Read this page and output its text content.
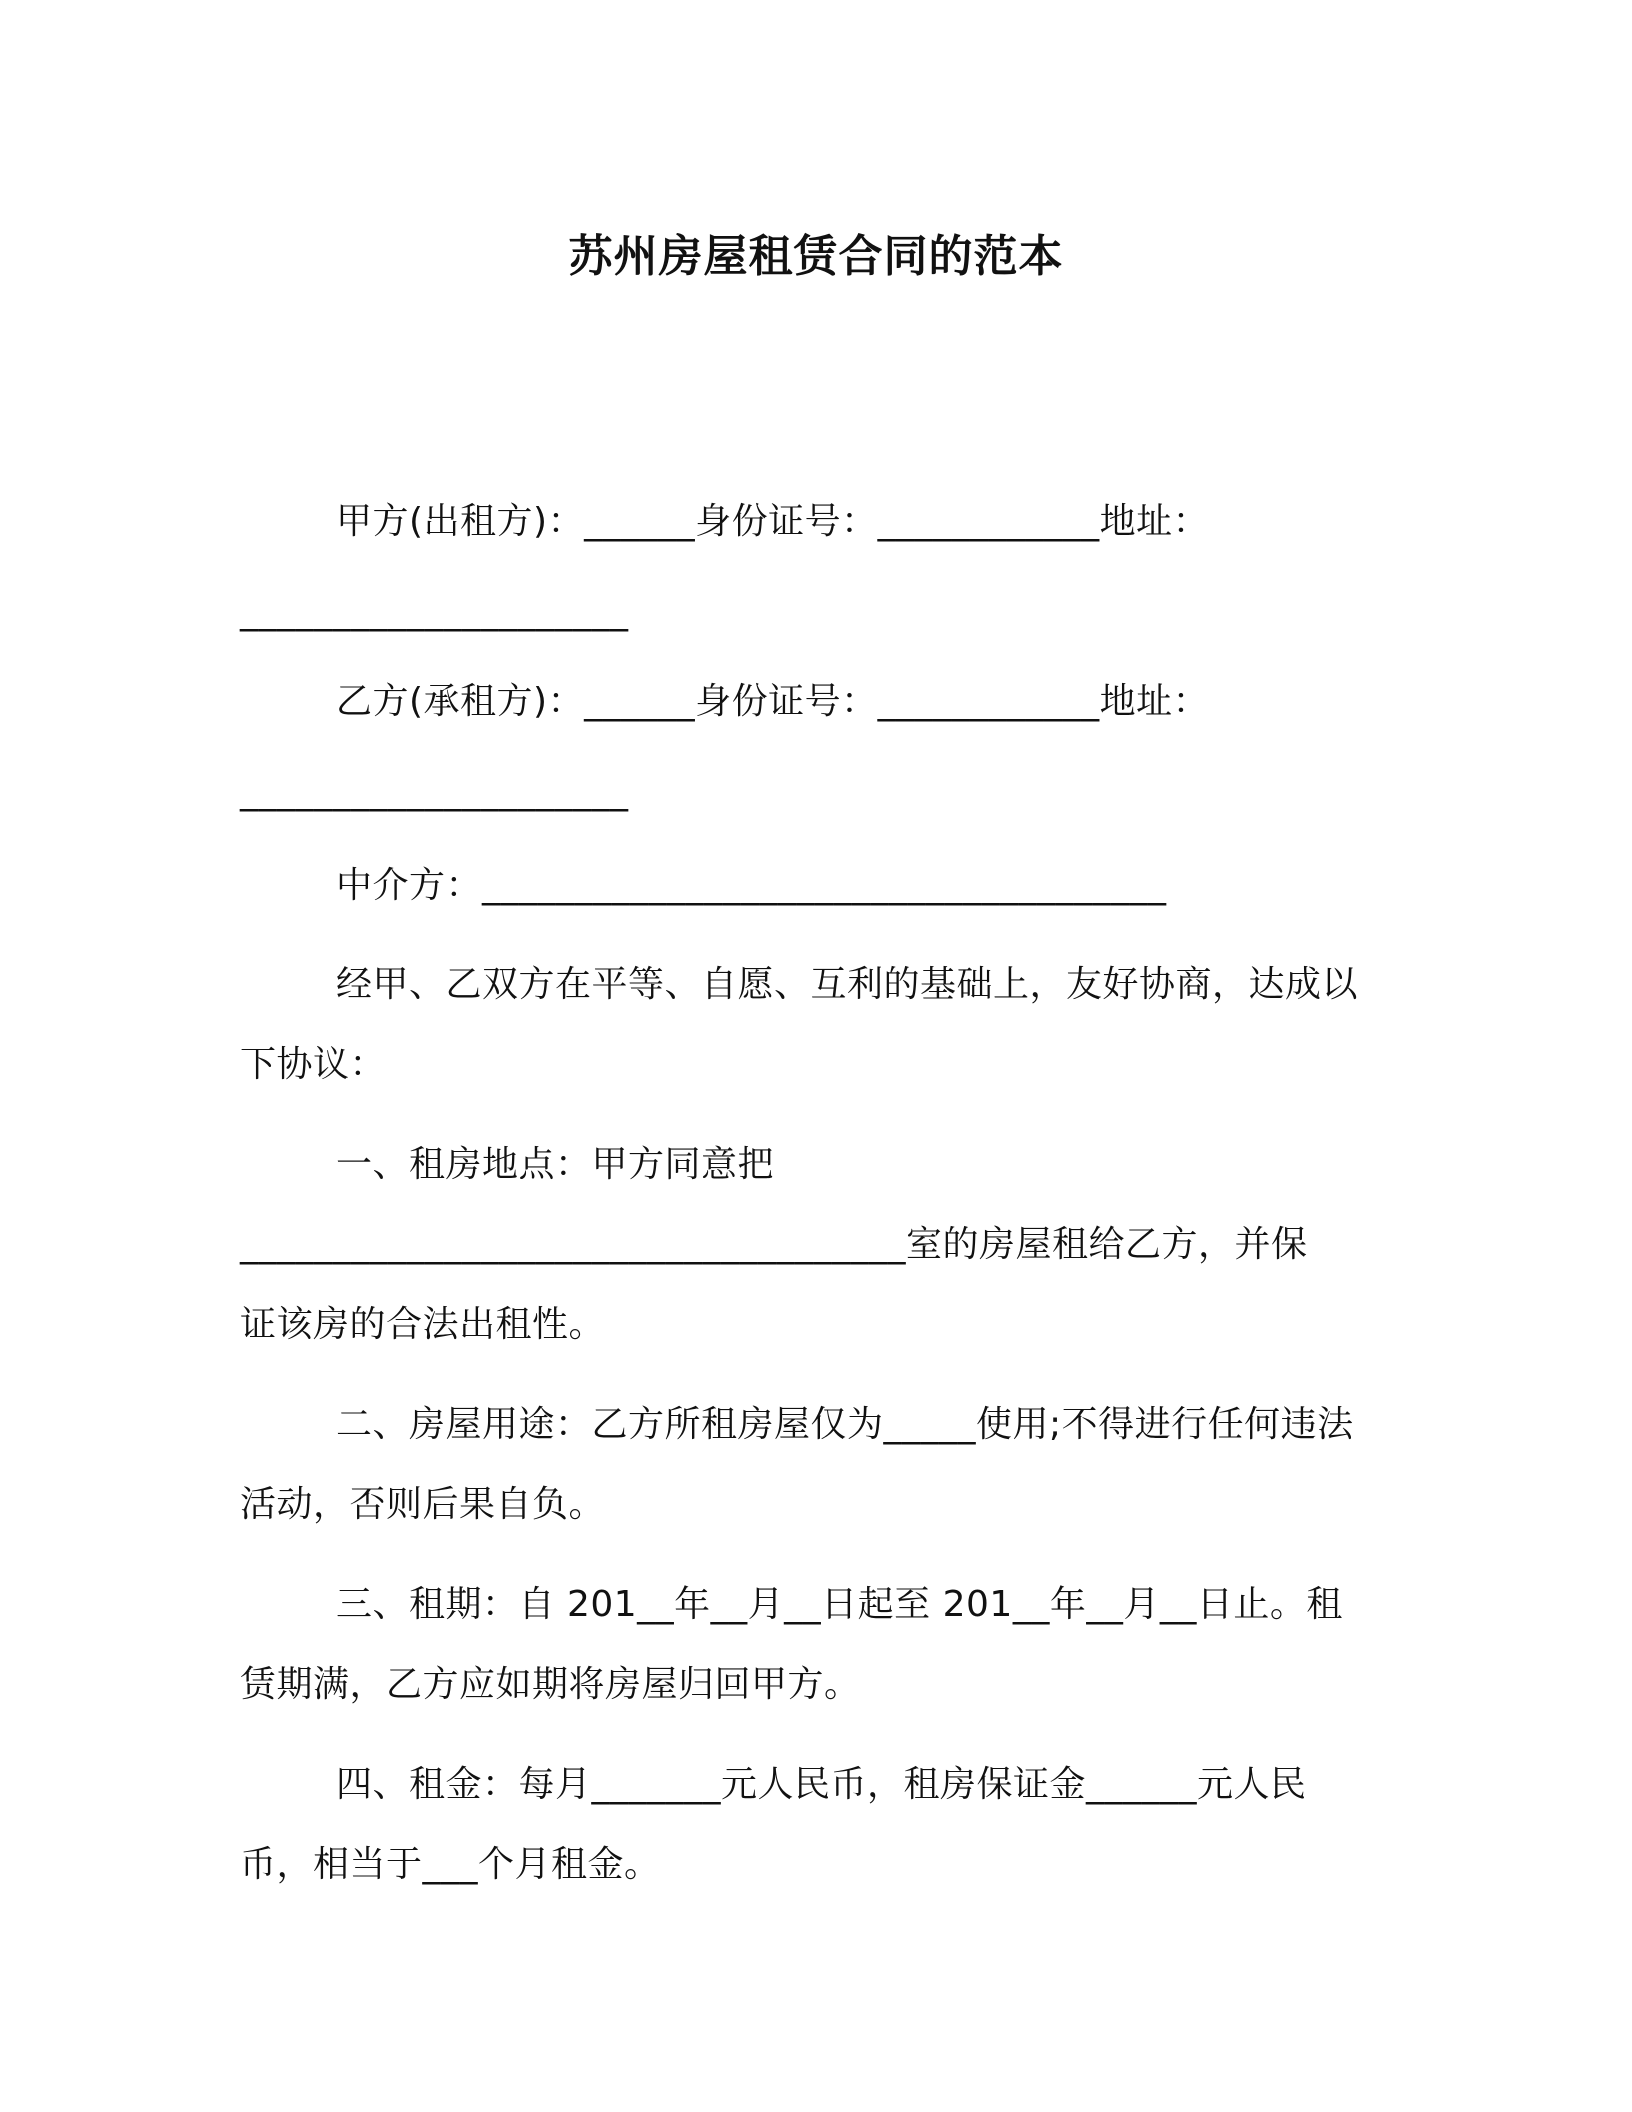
苏州房屋租赁合同的范本
甲方(出租方)：______身份证号：____________地址：
_____________________
乙方(承租方)：______身份证号：____________地址：
_____________________
中介方：_____________________________________
经甲、乙双方在平等、自愿、互利的基础上，友好协商，达成以
下协议：
一、租房地点：甲方同意把
____________________________________室的房屋租给乙方，并保
证该房的合法出租性。
二、房屋用途：乙方所租房屋仅为_____使用;不得进行任何违法
活动，否则后果自负。
三、租期：自 201__年__月__日起至 201__年__月__日止。租
赁期满，乙方应如期将房屋归回甲方。
四、租金：每月_______元人民币，租房保证金______元人民
币，相当于___个月租金。
